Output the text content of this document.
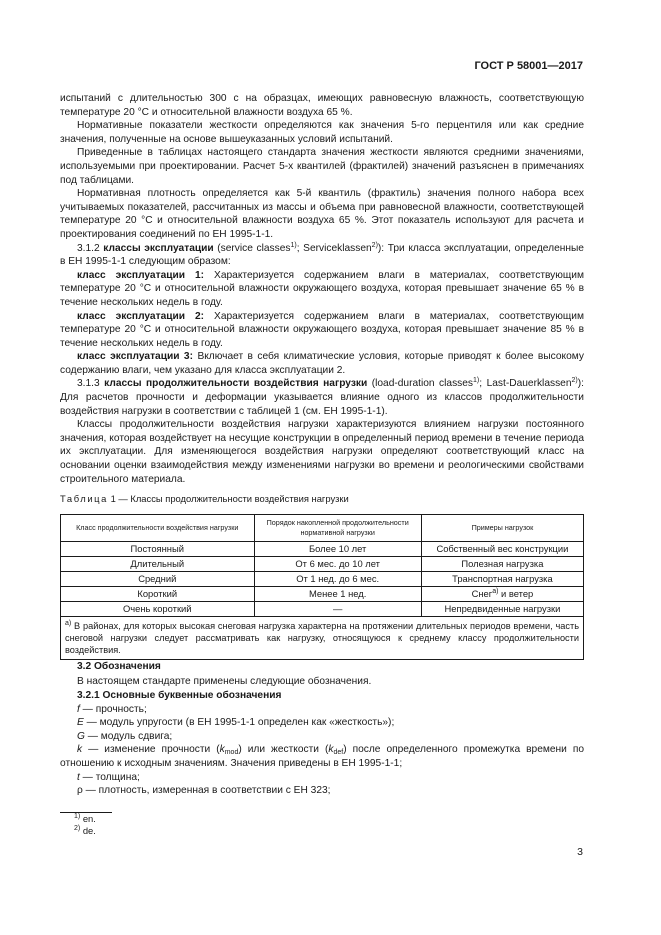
ГОСТ Р 58001—2017

испытаний с длительностью 300 с на образцах, имеющих равновесную влажность, соответствующую температуре 20 °С и относительной влажности воздуха 65 %.

Нормативные показатели жесткости определяются как значения 5-го перцентиля или как средние значения, полученные на основе вышеуказанных условий испытаний.

Приведенные в таблицах настоящего стандарта значения жесткости являются средними значениями, используемыми при проектировании. Расчет 5-х квантилей (фрактилей) значений разъяснен в примечаниях под таблицами.

Нормативная плотность определяется как 5-й квантиль (фрактиль) значения полного набора всех учитываемых показателей, рассчитанных из массы и объема при равновесной влажности, соответствующей температуре 20 °С и относительной влажности воздуха 65 %. Этот показатель используют для расчета и проектирования соединений по ЕН 1995-1-1.

3.1.2 классы эксплуатации (service classes$^{1)}$; Serviceklassen$^{2)}$): Три класса эксплуатации, определенные в ЕН 1995-1-1 следующим образом:

класс эксплуатации 1: Характеризуется содержанием влаги в материалах, соответствующим температуре 20 °С и относительной влажности окружающего воздуха, которая превышает значение 65 % в течение нескольких недель в году.

класс эксплуатации 2: Характеризуется содержанием влаги в материалах, соответствующим температуре 20 °С и относительной влажности окружающего воздуха, которая превышает значение 85 % в течение нескольких недель в году.

класс эксплуатации 3: Включает в себя климатические условия, которые приводят к более высокому содержанию влаги, чем указано для класса эксплуатации 2.

3.1.3 классы продолжительности воздействия нагрузки (load-duration classes$^{1)}$; Last-Dauerklassen$^{2)}$): Для расчетов прочности и деформации указывается влияние одного из классов продолжительности воздействия нагрузки в соответствии с таблицей 1 (см. ЕН 1995-1-1).

Классы продолжительности воздействия нагрузки характеризуются влиянием нагрузки постоянного значения, которая воздействует на несущие конструкции в определенный период времени в течение периода их эксплуатации. Для изменяющегося воздействия нагрузки определяют соответствующий класс на основании оценки взаимодействия между изменениями нагрузки во времени и реологическими свойствами строительного материала.

Таблица 1 — Классы продолжительности воздействия нагрузки
Класс продолжительности воздействия нагрузки	Порядок накопленной продолжительности нормативной нагрузки	Примеры нагрузок
Постоянный	Более 10 лет	Собственный вес конструкции
Длительный	От 6 мес. до 10 лет	Полезная нагрузка
Средний	От 1 нед. до 6 мес.	Транспортная нагрузка
Короткий	Менее 1 нед.	Снег$^{a)}$ и ветер
Очень короткий	—	Непредвиденные нагрузки
$^{a)}$ В районах, для которых высокая снеговая нагрузка характерна на протяжении длительных периодов времени, часть снеговой нагрузки следует рассматривать как нагрузку, относящуюся к среднему классу продолжительности воздействия.		

3.2 Обозначения

В настоящем стандарте применены следующие обозначения.

3.2.1 Основные буквенные обозначения

f — прочность;

E — модуль упругости (в ЕН 1995-1-1 определен как «жесткость»);

G — модуль сдвига;

k — изменение прочности $(k_{mod})$ или жесткости $(k_{def})$ после определенного промежутка времени по отношению к исходным значениям. Значения приведены в ЕН 1995-1-1;

t — толщина;

ρ — плотность, измеренная в соответствии с ЕН 323;

$^{1)}$ en.
$^{2)}$ de.
3
